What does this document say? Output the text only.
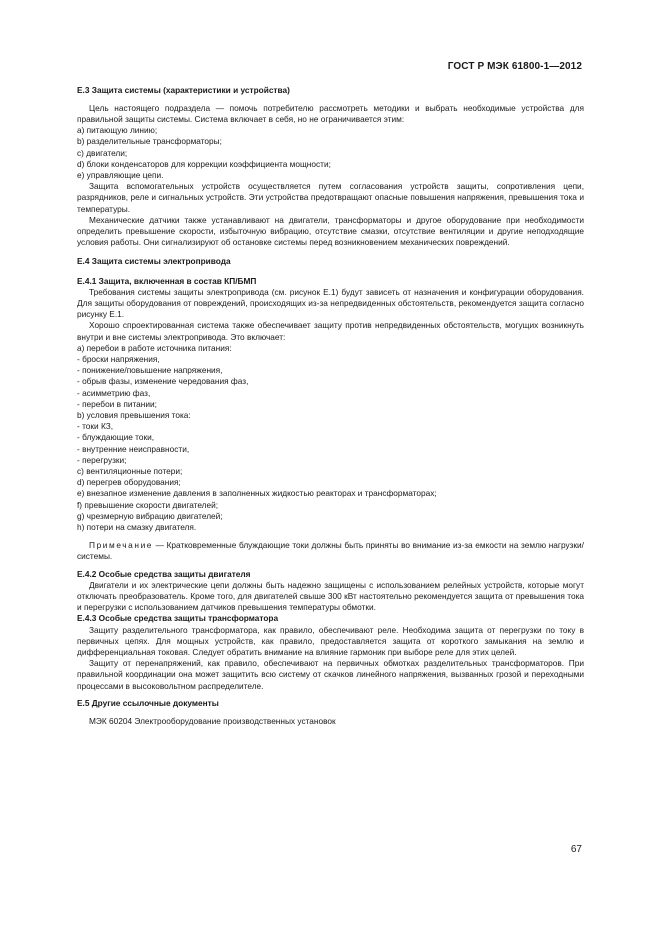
ГОСТ Р МЭК 61800-1—2012

Е.3 Защита системы (характеристики и устройства)

Цель настоящего подраздела — помочь потребителю рассмотреть методики и выбрать необходимые устройства для правильной защиты системы. Система включает в себя, но не ограничивается этим:

a) питающую линию;

b) разделительные трансформаторы;

c) двигатели;

d) блоки конденсаторов для коррекции коэффициента мощности;

e) управляющие цепи.

Защита вспомогательных устройств осуществляется путем согласования устройств защиты, сопротивления цепи, разрядников, реле и сигнальных устройств. Эти устройства предотвращают опасные повышения напряжения, превышения тока и температуры.

Механические датчики также устанавливают на двигатели, трансформаторы и другое оборудование при необходимости определить превышение скорости, избыточную вибрацию, отсутствие смазки, отсутствие вентиляции и другие неподходящие условия работы. Они сигнализируют об остановке системы перед возникновением механических повреждений.

Е.4 Защита системы электропривода

Е.4.1 Защита, включенная в состав КП/БМП

Требования системы защиты электропривода (см. рисунок Е.1) будут зависеть от назначения и конфигурации оборудования. Для защиты оборудования от повреждений, происходящих из-за непредвиденных обстоятельств, рекомендуется защита согласно рисунку Е.1.

Хорошо спроектированная система также обеспечивает защиту против непредвиденных обстоятельств, могущих возникнуть внутри и вне системы электропривода. Это включает:

a) перебои в работе источника питания:

- броски напряжения,

- понижение/повышение напряжения,

- обрыв фазы, изменение чередования фаз,

- асимметрию фаз,

- перебои в питании;

b) условия превышения тока:

- токи КЗ,

- блуждающие токи,

- внутренние неисправности,

- перегрузки;

c) вентиляционные потери;

d) перегрев оборудования;

e) внезапное изменение давления в заполненных жидкостью реакторах и трансформаторах;

f) превышение скорости двигателей;

g) чрезмерную вибрацию двигателей;

h) потери на смазку двигателя.

Примечание — Кратковременные блуждающие токи должны быть приняты во внимание из-за емкости на землю нагрузки/системы.

Е.4.2 Особые средства защиты двигателя

Двигатели и их электрические цепи должны быть надежно защищены с использованием релейных устройств, которые могут отключать преобразователь. Кроме того, для двигателей свыше 300 кВт настоятельно рекомендуется защита от превышения тока и перегрузки с использованием датчиков превышения температуры обмотки.

Е.4.3 Особые средства защиты трансформатора

Защиту разделительного трансформатора, как правило, обеспечивают реле. Необходима защита от перегрузки по току в первичных цепях. Для мощных устройств, как правило, предоставляется защита от короткого замыкания на землю и дифференциальная токовая. Следует обратить внимание на влияние гармоник при выборе реле для этих целей.

Защиту от перенапряжений, как правило, обеспечивают на первичных обмотках разделительных трансформаторов. При правильной координации она может защитить всю систему от скачков линейного напряжения, вызванных грозой и переходными процессами в высоковольтном распределителе.

Е.5 Другие ссылочные документы

МЭК 60204 Электрооборудование производственных установок

67
